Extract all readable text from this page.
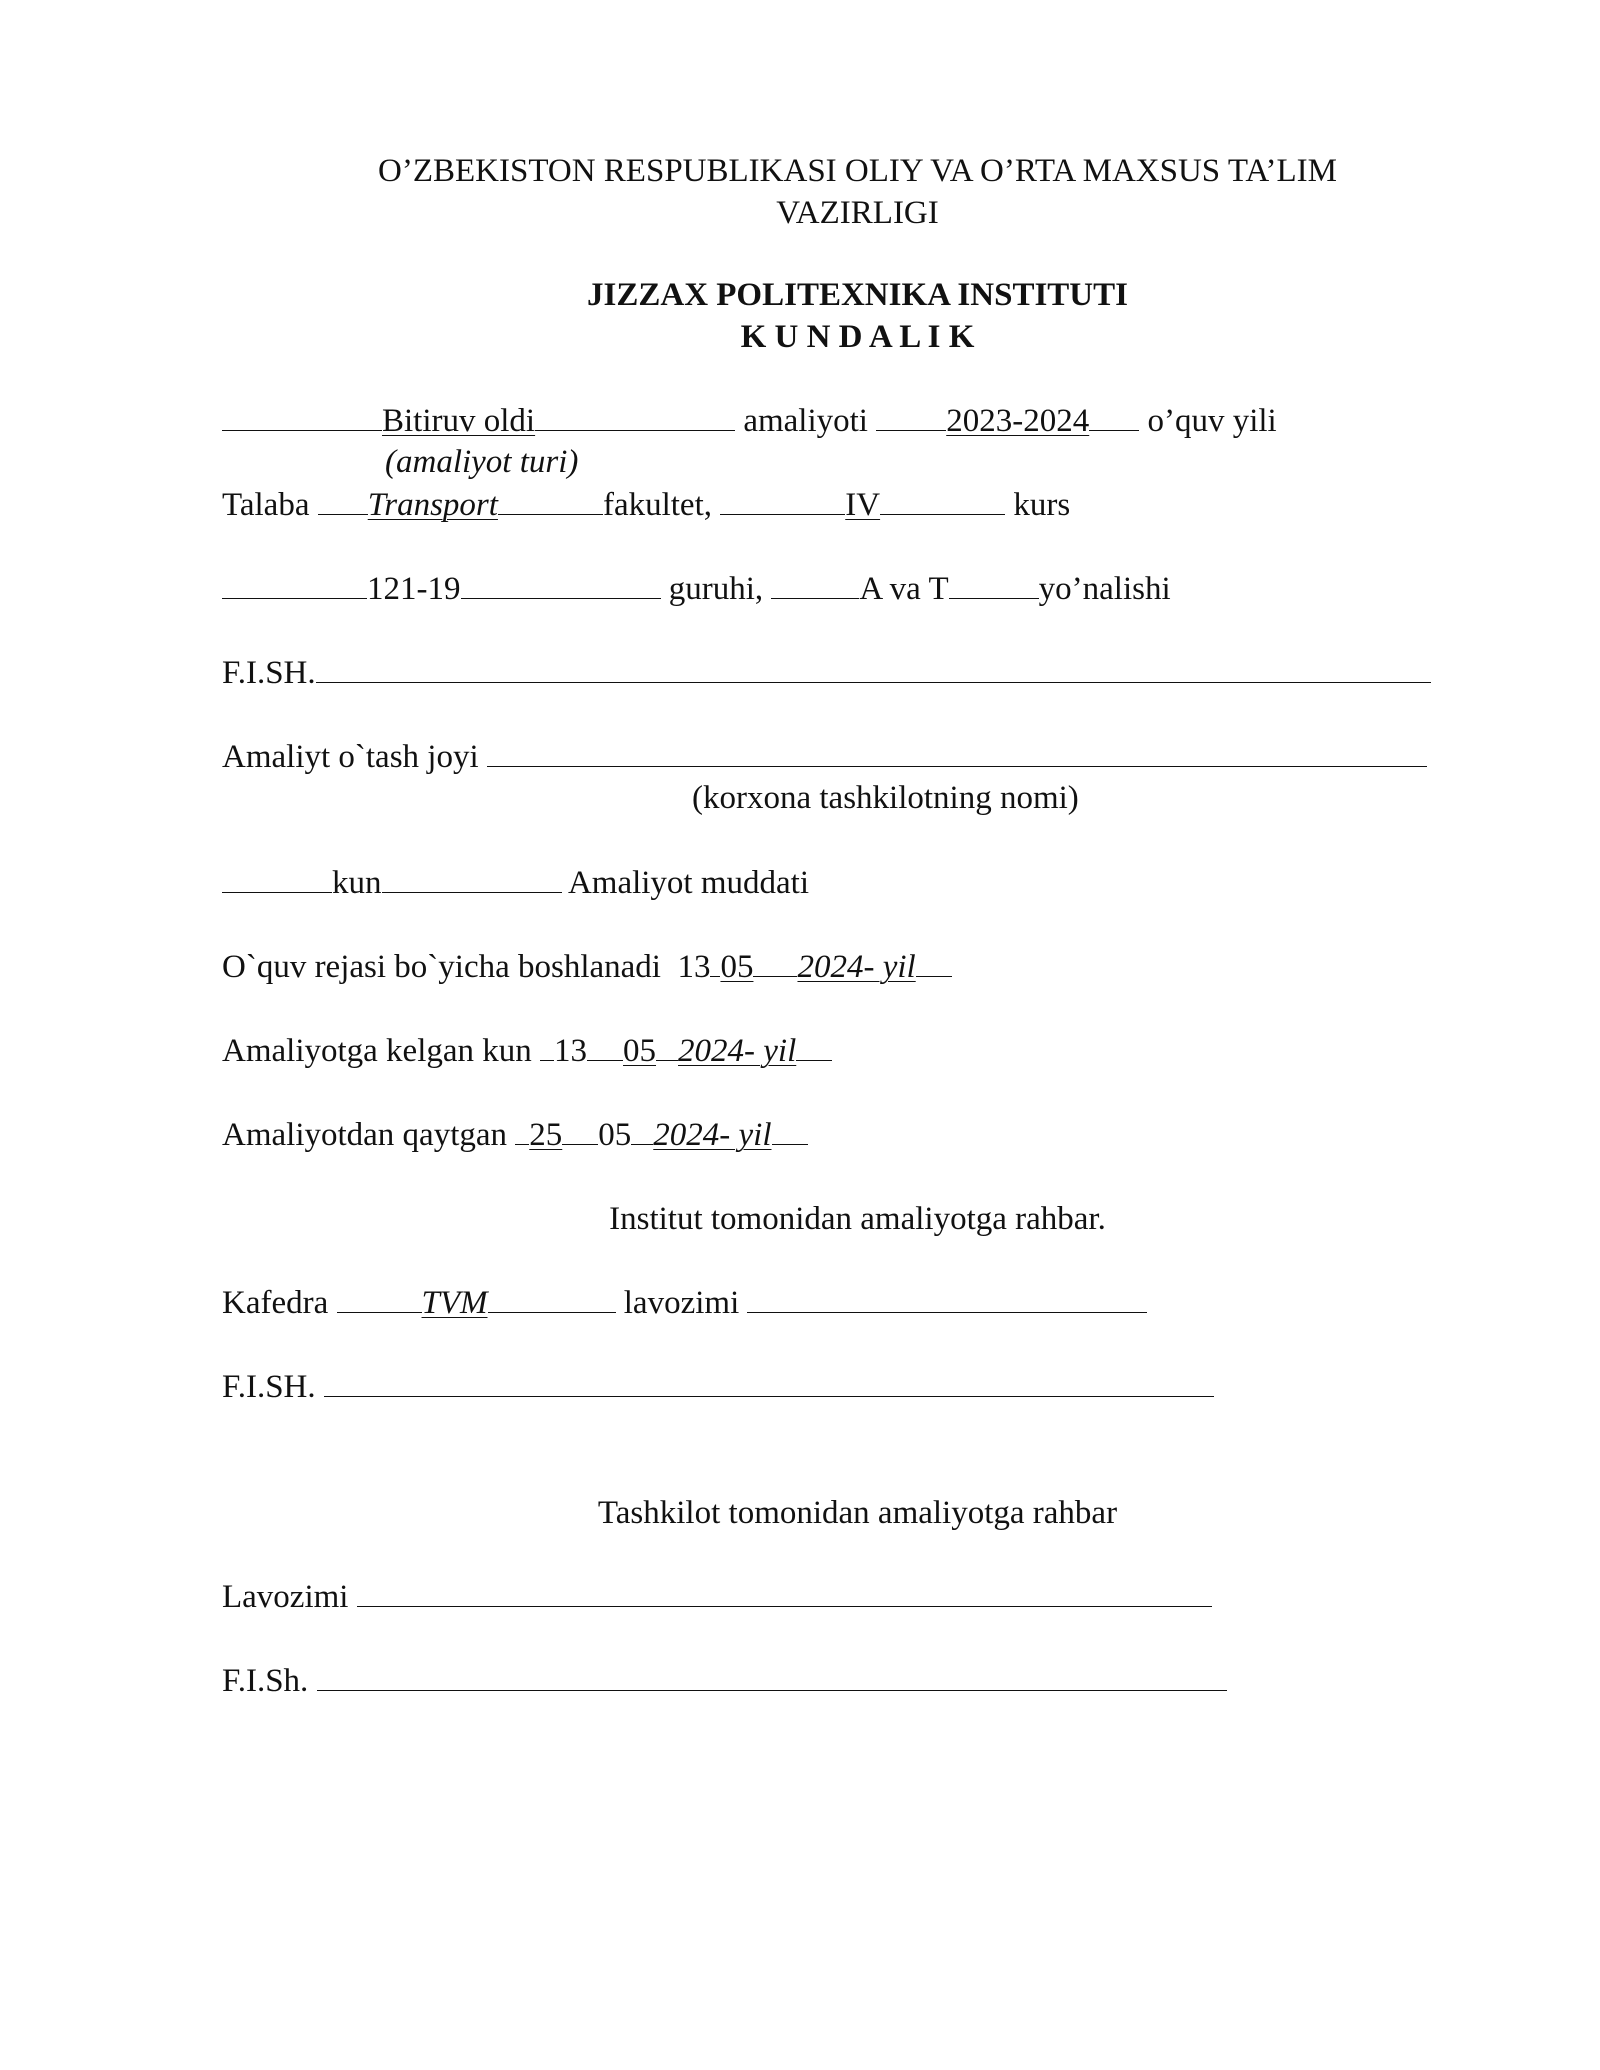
O’ZBEKISTON RESPUBLIKASI OLIY VA O’RTA MAXSUS TA’LIM
VAZIRLIGI
JIZZAX POLITEXNIKA INSTITUTI
K U N D A L I K
Bitiruv oldi	amaliyoti 2023-2024 o’quv yili
(amaliyot turi)
Talaba Transport	fakultet,	IV	kurs
121-19	guruhi,	A va T	yo’nalishi
F.I.SH.
Amaliyt o`tash joyi
(korxona tashkilotning nomi)
kun	Amaliyot muddati
O`quv rejasi bo`yicha boshlanadi 13 05 2024- yil
Amaliyotga kelgan kun 13 05 2024- yil
Amaliyotdan qaytgan 25 05 2024- yil
Institut tomonidan amaliyotga rahbar.
Kafedra	TVM	lavozimi
F.I.SH.
Tashkilot tomonidan amaliyotga rahbar
Lavozimi
F.I.Sh.
